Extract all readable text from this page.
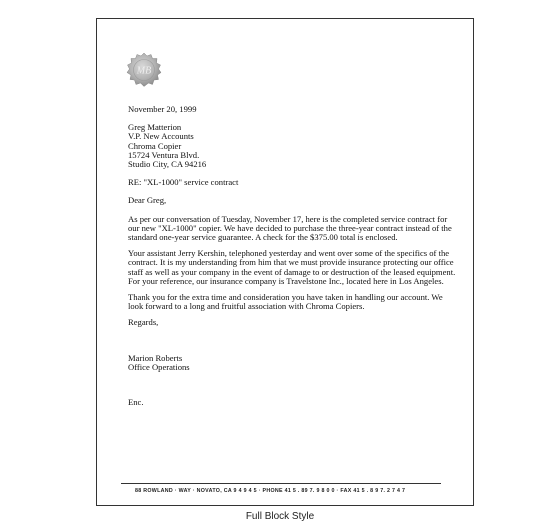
MB

November 20, 1999

Greg Matterion
V.P. New Accounts
Chroma Copier
15724 Ventura Blvd.
Studio City, CA 94216

RE: "XL-1000" service contract

Dear Greg,

As per our conversation of Tuesday, November 17, here is the completed service contract for our new "XL-1000" copier. We have decided to purchase the three-year contract instead of the standard one-year service guarantee. A check for the $375.00 total is enclosed.

Your assistant Jerry Kershin, telephoned yesterday and went over some of the specifics of the contract. It is my understanding from him that we must provide insurance protecting our office staff as well as your company in the event of damage to or destruction of the leased equipment. For your reference, our insurance company is Travelstone Inc., located here in Los Angeles.

Thank you for the extra time and consideration you have taken in handling our account. We look forward to a long and fruitful association with Chroma Copiers.

Regards,

Marion Roberts
Office Operations

Enc.

88 ROWLAND · WAY · NOVATO, CA 9 4 9 4 5 · PHONE 41 5 . 89 7. 9 8 0 0 · FAX 41 5 . 8 9 7. 2 7 4 7
Full Block Style
